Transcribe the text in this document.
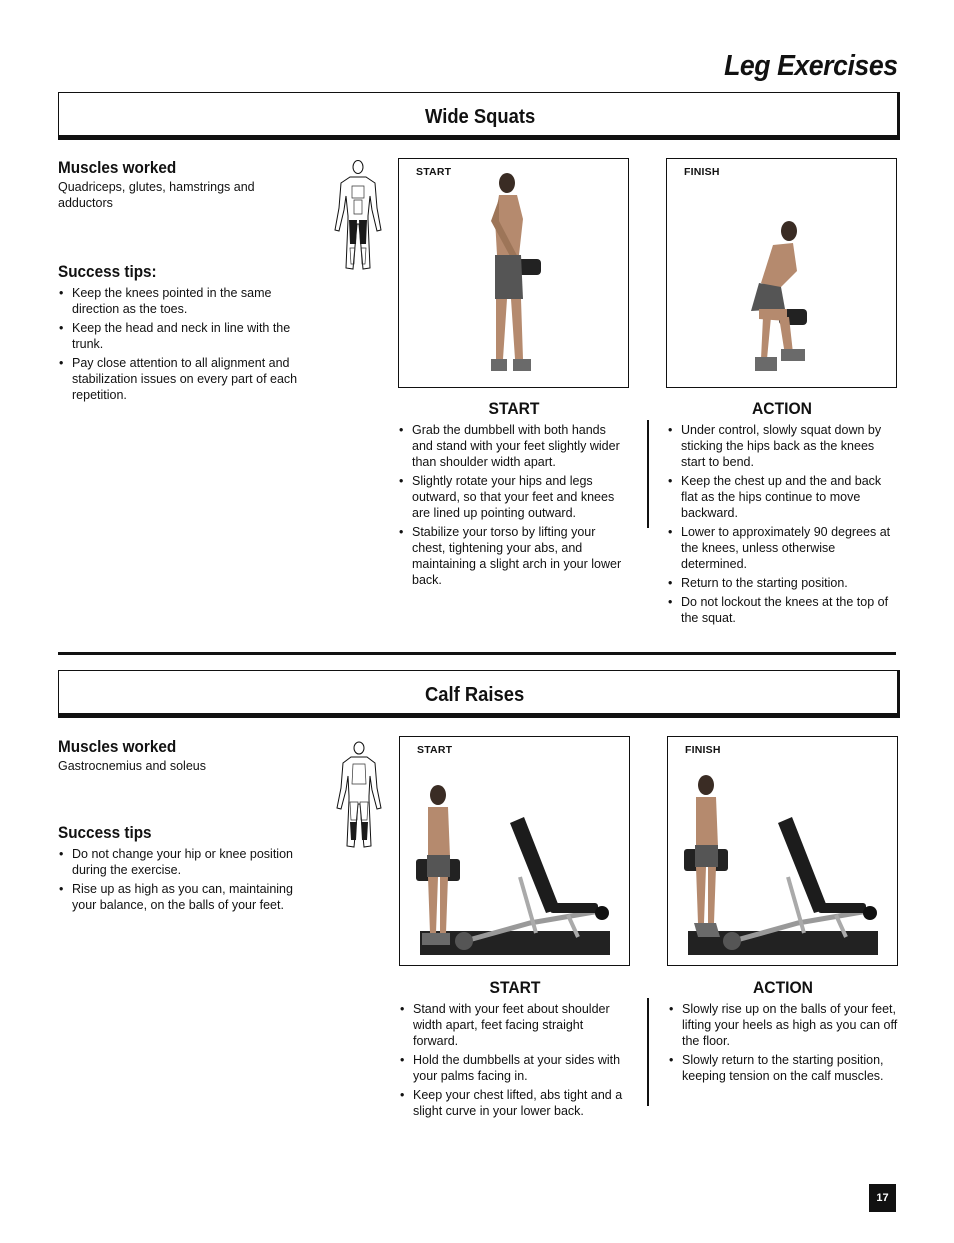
Leg Exercises
Wide Squats
Muscles worked
Quadriceps, glutes, hamstrings and adductors
Success tips:
• Keep the knees pointed in the same direction as the toes.
• Keep the head and neck in line with the trunk.
• Pay close attention to all alignment and stabilization issues on every part of each repetition.
START	FINISH
START
• Grab the dumbbell with both hands and stand with your feet slightly wider than shoulder width apart.
• Slightly rotate your hips and legs outward, so that your feet and knees are lined up pointing outward.
• Stabilize your torso by lifting your chest, tightening your abs, and maintaining a slight arch in your lower back.
ACTION
• Under control, slowly squat down by sticking the hips back as the knees start to bend.
• Keep the chest up and the and back flat as the hips continue to move backward.
• Lower to approximately 90 degrees at the knees, unless otherwise determined.
• Return to the starting position.
• Do not lockout the knees at the top of the squat.
Calf Raises
Muscles worked
Gastrocnemius and soleus
Success tips
• Do not change your hip or knee position during the exercise.
• Rise up as high as you can, maintaining your balance, on the balls of your feet.
START	FINISH
START
• Stand with your feet about shoulder width apart, feet facing straight forward.
• Hold the dumbbells at your sides with your palms facing in.
• Keep your chest lifted, abs tight and a slight curve in your lower back.
ACTION
• Slowly rise up on the balls of your feet, lifting your heels as high as you can off the floor.
• Slowly return to the starting position, keeping tension on the calf muscles.
17
